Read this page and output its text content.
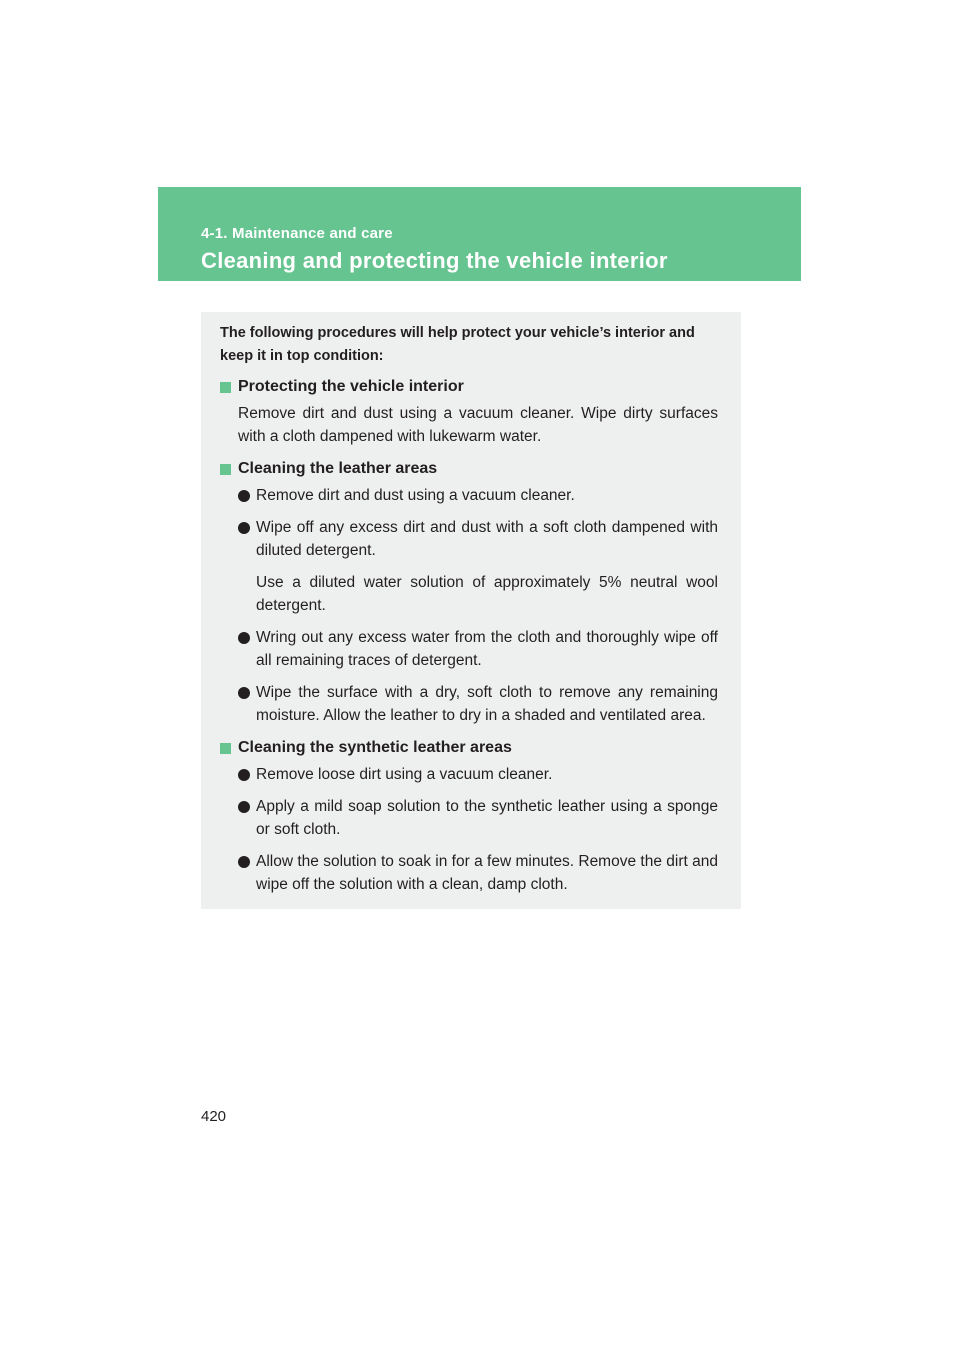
4-1. Maintenance and care
Cleaning and protecting the vehicle interior

The following procedures will help protect your vehicle’s interior and keep it in top condition:

Protecting the vehicle interior

Remove dirt and dust using a vacuum cleaner. Wipe dirty surfaces with a cloth dampened with lukewarm water.

Cleaning the leather areas
Remove dirt and dust using a vacuum cleaner.
Wipe off any excess dirt and dust with a soft cloth dampened with diluted detergent.

Use a diluted water solution of approximately 5% neutral wool detergent.

Wring out any excess water from the cloth and thoroughly wipe off all remaining traces of detergent.
Wipe the surface with a dry, soft cloth to remove any remaining moisture. Allow the leather to dry in a shaded and ventilated area.
Cleaning the synthetic leather areas
Remove loose dirt using a vacuum cleaner.
Apply a mild soap solution to the synthetic leather using a sponge or soft cloth.
Allow the solution to soak in for a few minutes. Remove the dirt and wipe off the solution with a clean, damp cloth.
420
